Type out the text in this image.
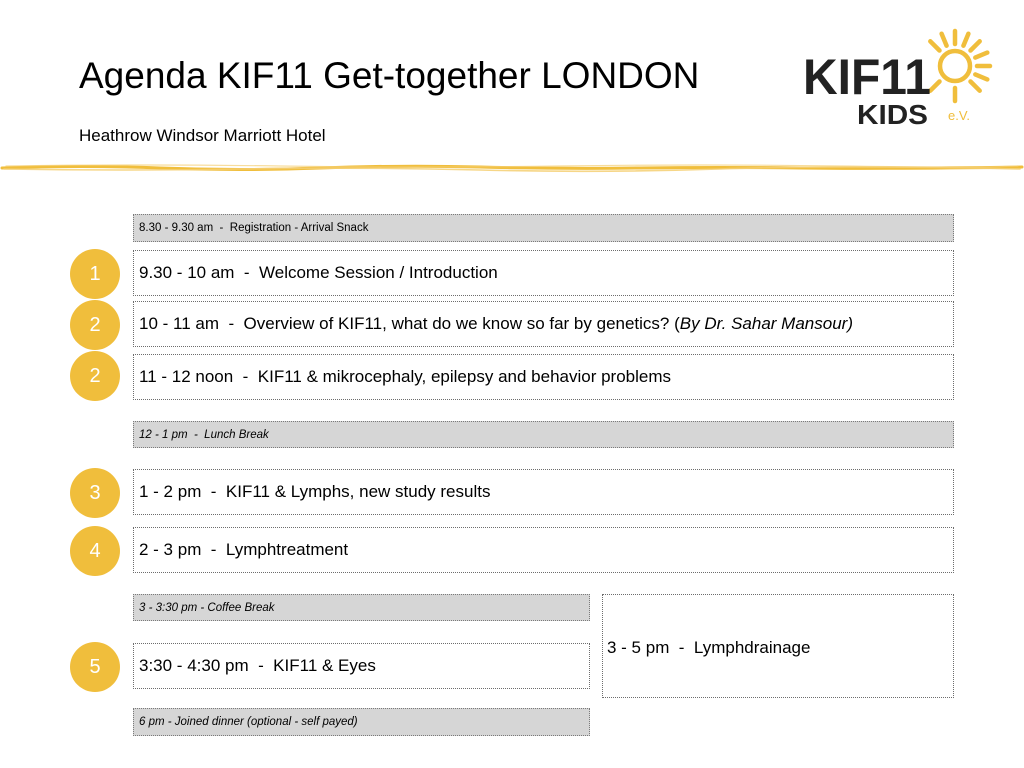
Agenda KIF11 Get-together LONDON
Heathrow Windsor Marriott Hotel
KIF11
KIDS e.V.
8.30 - 9.30 am  -  Registration - Arrival Snack
1	9.30 - 10 am  -  Welcome Session / Introduction
2	10 - 11 am  -  Overview of KIF11, what do we know so far by genetics? ( By Dr. Sahar Mansour)
2	11 - 12 noon  -  KIF11 & mikrocephaly, epilepsy and behavior problems
12 - 1 pm  -  Lunch Break
3	1 - 2 pm  -  KIF11 & Lymphs, new study results
4	2 - 3 pm  -  Lymphtreatment
3 - 3:30 pm - Coffee Break
3 - 5 pm  -  Lymphdrainage
5	3:30 - 4:30 pm  -  KIF11 & Eyes
6 pm - Joined dinner (optional - self payed)
